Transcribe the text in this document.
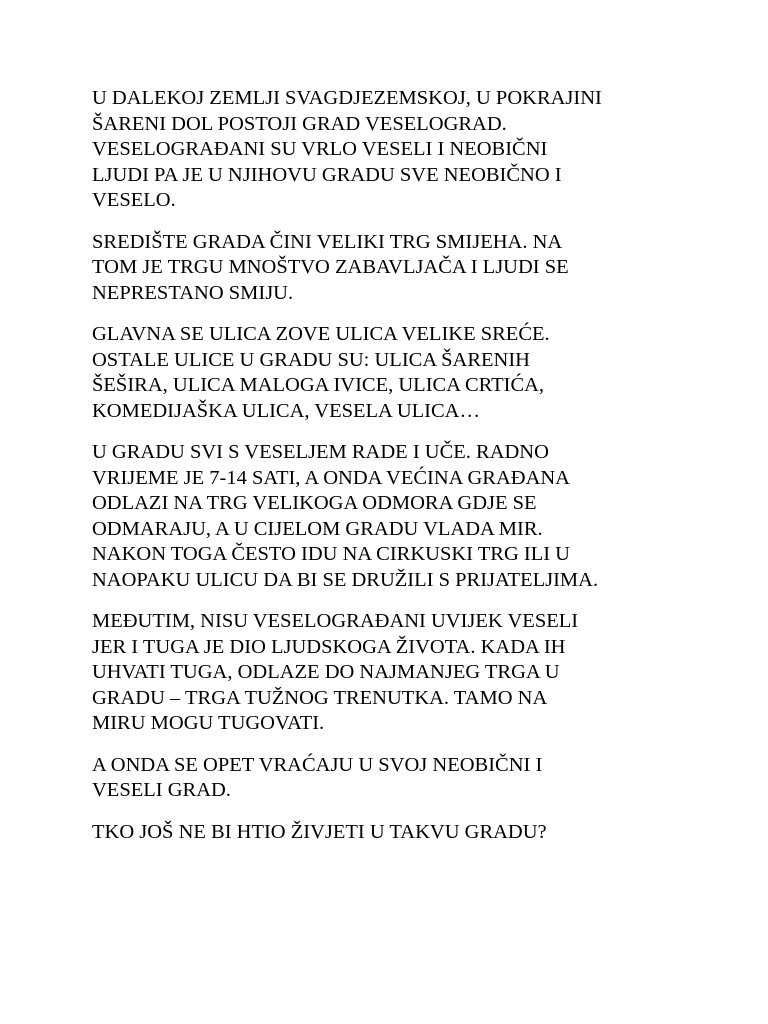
U DALEKOJ ZEMLJI SVAGDJEZEMSKOJ, U POKRAJINI
ŠARENI DOL POSTOJI GRAD VESELOGRAD.
VESELOGRAĐANI SU VRLO VESELI I NEOBIČNI
LJUDI PA JE U NJIHOVU GRADU SVE NEOBIČNO I
VESELO.

SREDIŠTE GRADA ČINI VELIKI TRG SMIJEHA. NA
TOM JE TRGU MNOŠTVO ZABAVLJAČA I LJUDI SE
NEPRESTANO SMIJU.

GLAVNA SE ULICA ZOVE ULICA VELIKE SREĆE.
OSTALE ULICE U GRADU SU: ULICA ŠARENIH
ŠEŠIRA, ULICA MALOGA IVICE, ULICA CRTIĆA,
KOMEDIJAŠKA ULICA, VESELA ULICA…

U GRADU SVI S VESELJEM RADE I UČE. RADNO
VRIJEME JE 7-14 SATI, A ONDA VEĆINA GRAĐANA
ODLAZI NA TRG VELIKOGA ODMORA GDJE SE
ODMARAJU, A U CIJELOM GRADU VLADA MIR.
NAKON TOGA ČESTO IDU NA CIRKUSKI TRG ILI U
NAOPAKU ULICU DA BI SE DRUŽILI S PRIJATELJIMA.

MEĐUTIM, NISU VESELOGRAĐANI UVIJEK VESELI
JER I TUGA JE DIO LJUDSKOGA ŽIVOTA. KADA IH
UHVATI TUGA, ODLAZE DO NAJMANJEG TRGA U
GRADU – TRGA TUŽNOG TRENUTKA. TAMO NA
MIRU MOGU TUGOVATI.

A ONDA SE OPET VRAĆAJU U SVOJ NEOBIČNI I
VESELI GRAD.

TKO JOŠ NE BI HTIO ŽIVJETI U TAKVU GRADU?
